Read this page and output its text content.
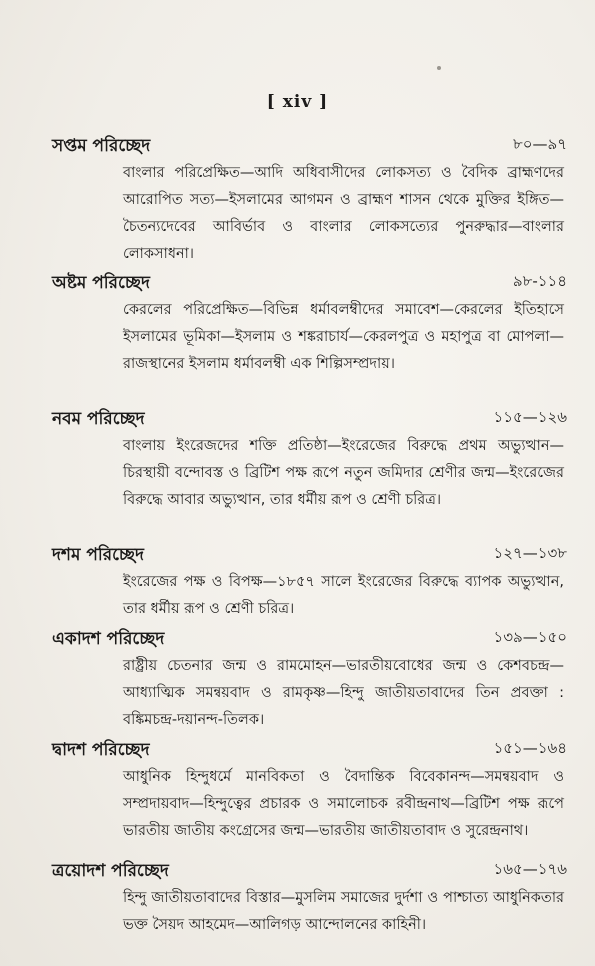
[ xiv ]
সপ্তম পরিচ্ছেদ	৮০—৯৭
বাংলার পরিপ্রেক্ষিত—আদি অধিবাসীদের লোকসত্য ও বৈদিক ব্রাহ্মণদের আরোপিত সত্য—ইসলামের আগমন ও ব্রাহ্মণ শাসন থেকে মুক্তির ইঙ্গিত—চৈতন্যদেবের আবির্ভাব ও বাংলার লোকসত্যের পুনরুদ্ধার—বাংলার লোকসাধনা।
অষ্টম পরিচ্ছেদ	৯৮-১১৪
কেরলের পরিপ্রেক্ষিত—বিভিন্ন ধর্মাবলম্বীদের সমাবেশ—কেরলের ইতিহাসে ইসলামের ভূমিকা—ইসলাম ও শঙ্করাচার্য—কেরলপুত্র ও মহাপুত্র বা মোপলা—রাজস্থানের ইসলাম ধর্মাবলম্বী এক শিল্পিসম্প্রদায়।
নবম পরিচ্ছেদ	১১৫—১২৬
বাংলায় ইংরেজদের শক্তি প্রতিষ্ঠা—ইংরেজের বিরুদ্ধে প্রথম অভ্যুত্থান—চিরস্থায়ী বন্দোবস্ত ও ব্রিটিশ পক্ষ রূপে নতুন জমিদার শ্রেণীর জন্ম—ইংরেজের বিরুদ্ধে আবার অভ্যুত্থান, তার ধর্মীয় রূপ ও শ্রেণী চরিত্র।
দশম পরিচ্ছেদ	১২৭—১৩৮
ইংরেজের পক্ষ ও বিপক্ষ—১৮৫৭ সালে ইংরেজের বিরুদ্ধে ব্যাপক অভ্যুত্থান, তার ধর্মীয় রূপ ও শ্রেণী চরিত্র।
একাদশ পরিচ্ছেদ	১৩৯—১৫০
রাষ্ট্রীয় চেতনার জন্ম ও রামমোহন—ভারতীয়বোধের জন্ম ও কেশবচন্দ্র—আধ্যাত্মিক সমন্বয়বাদ ও রামকৃষ্ণ—হিন্দু জাতীয়তাবাদের তিন প্রবক্তা : বঙ্কিমচন্দ্র-দয়ানন্দ-তিলক।
দ্বাদশ পরিচ্ছেদ	১৫১—১৬৪
আধুনিক হিন্দুধর্মে মানবিকতা ও বৈদান্তিক বিবেকানন্দ—সমন্বয়বাদ ও সম্প্রদায়বাদ—হিন্দুত্বের প্রচারক ও সমালোচক রবীন্দ্রনাথ—ব্রিটিশ পক্ষ রূপে ভারতীয় জাতীয় কংগ্রেসের জন্ম—ভারতীয় জাতীয়তাবাদ ও সুরেন্দ্রনাথ।
ত্রয়োদশ পরিচ্ছেদ	১৬৫—১৭৬
হিন্দু জাতীয়তাবাদের বিস্তার—মুসলিম সমাজের দুর্দশা ও পাশ্চাত্য আধুনিকতার ভক্ত সৈয়দ আহমেদ—আলিগড় আন্দোলনের কাহিনী।
